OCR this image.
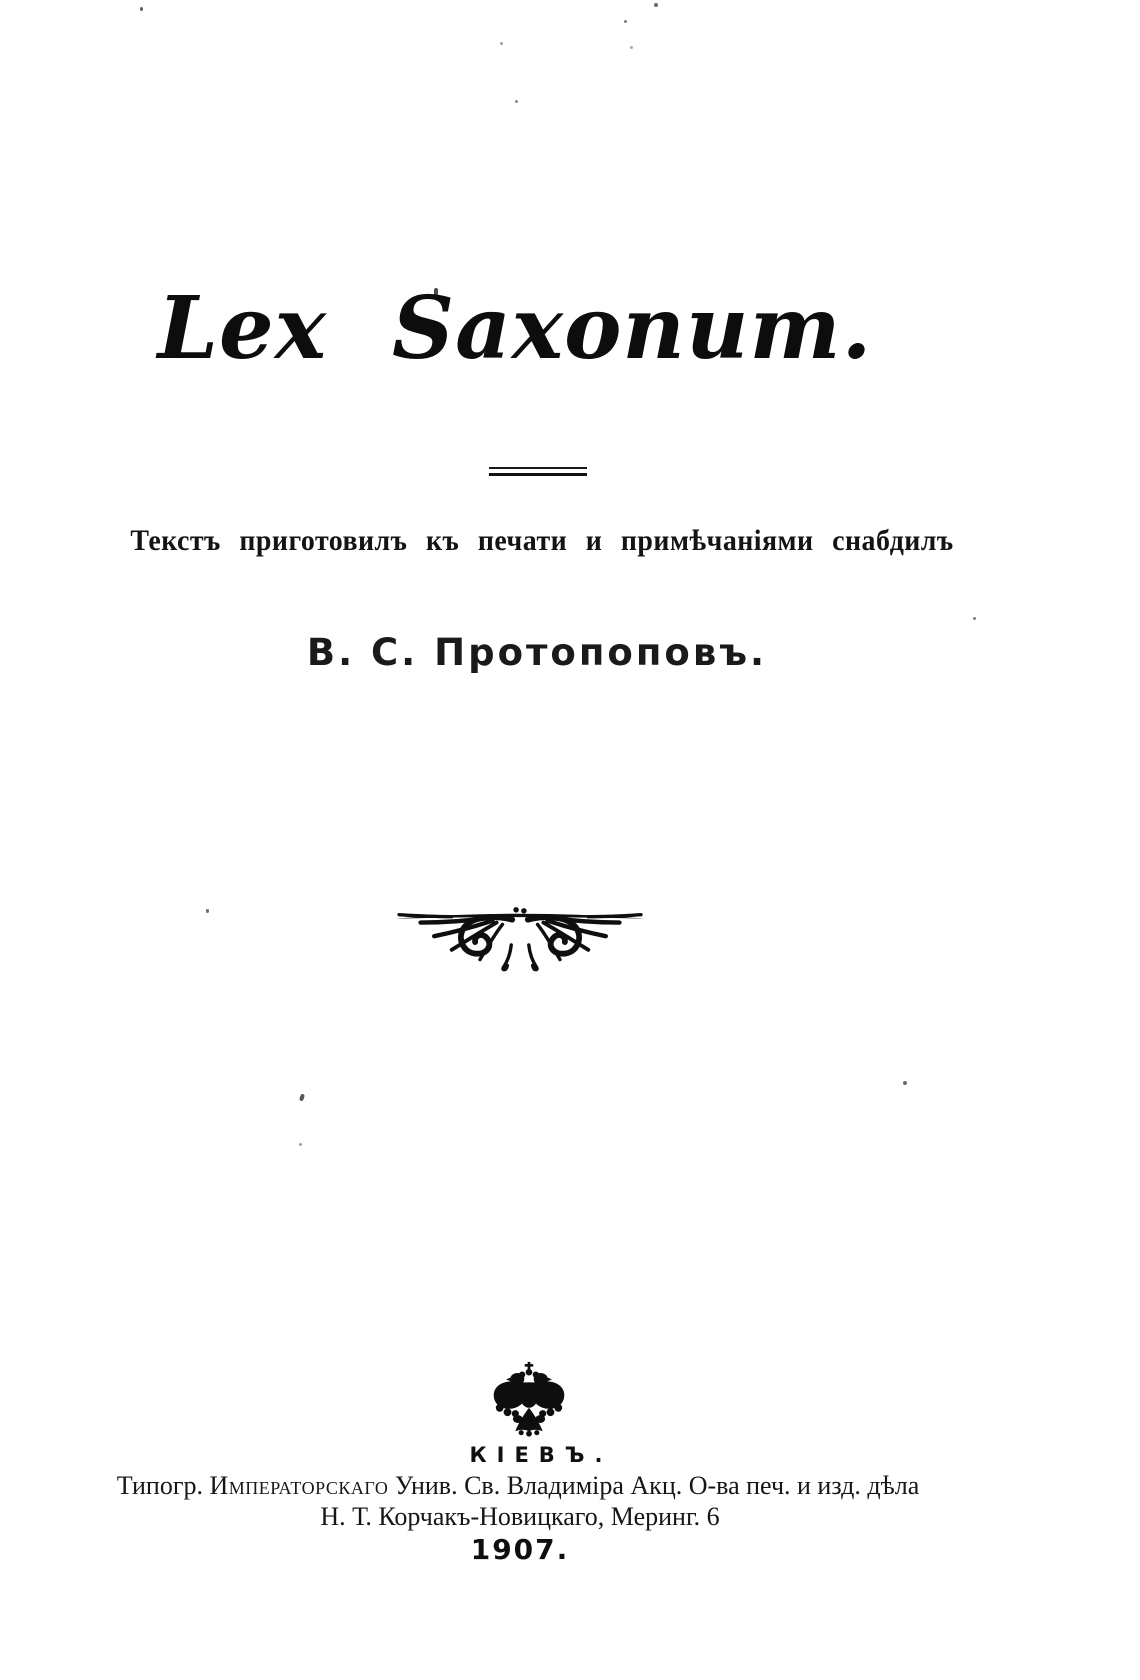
Lex Saxonum.
Текстъ приготовилъ къ печати и примѣчаніями снабдилъ
В. С. Протопоповъ.
КІЕВЪ.
Типогр. Императорскаго Унив. Св. Владиміра Акц. О-ва печ. и изд. дѣла
Н. Т. Корчакъ-Новицкаго, Меринг. 6
1907.
